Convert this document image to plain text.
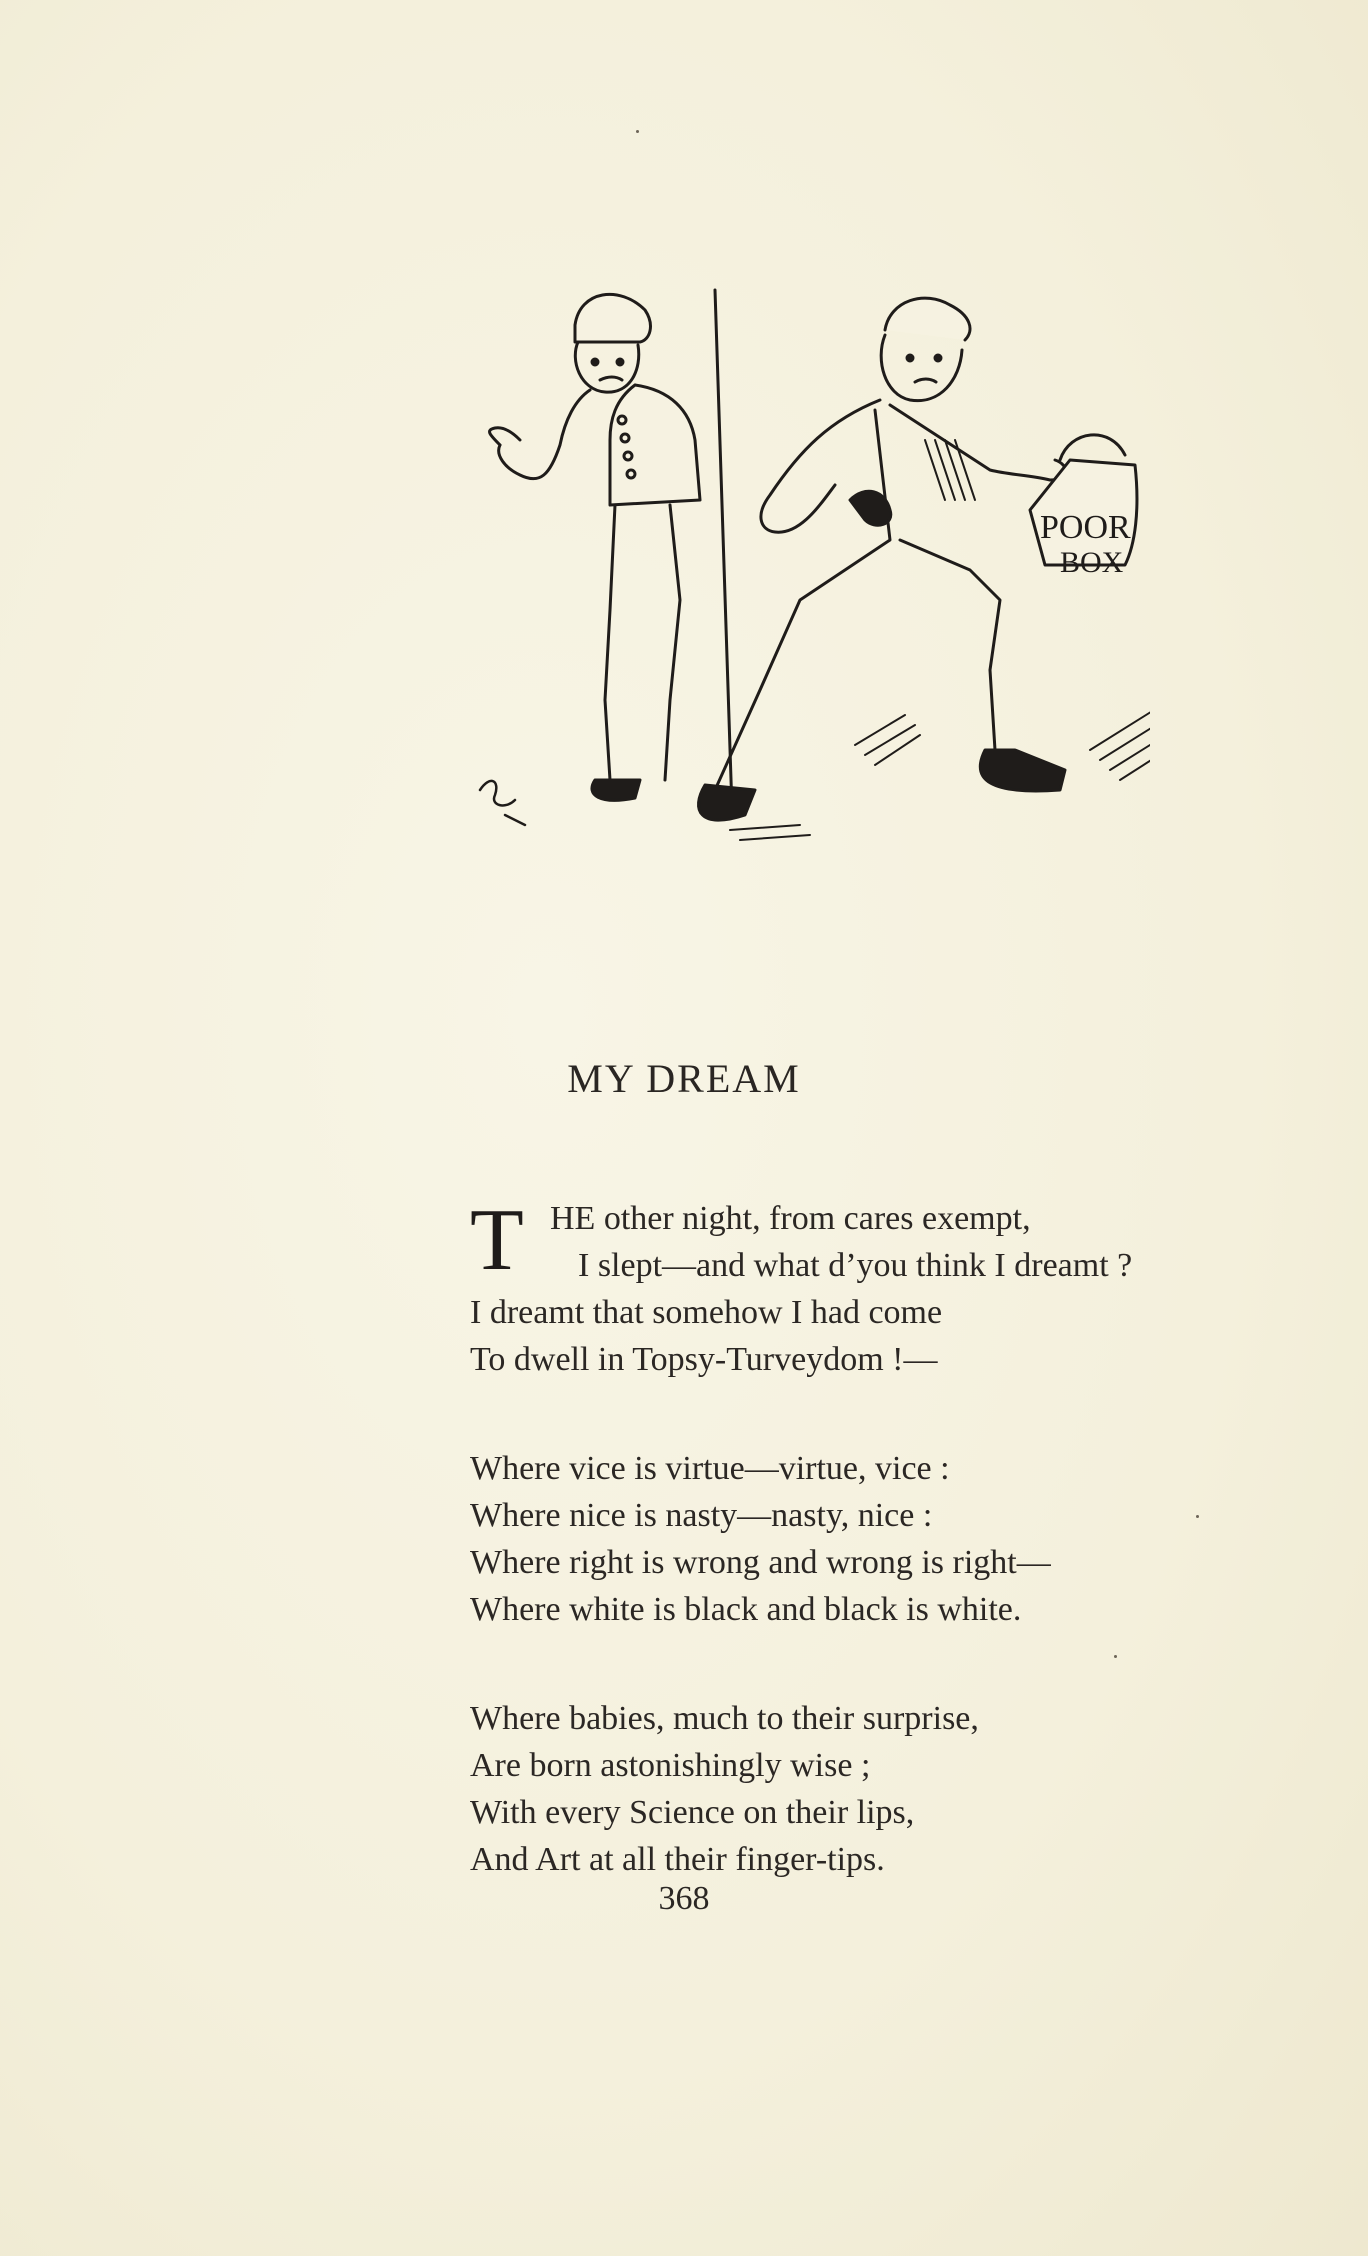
POOR
BOX
MY DREAM
T HE other night, from cares exempt,
I slept—and what d’you think I dreamt ?
I dreamt that somehow I had come
To dwell in Topsy-Turveydom !—
Where vice is virtue—virtue, vice :
Where nice is nasty—nasty, nice :
Where right is wrong and wrong is right—
Where white is black and black is white.
Where babies, much to their surprise,
Are born astonishingly wise ;
With every Science on their lips,
And Art at all their finger-tips.
368
